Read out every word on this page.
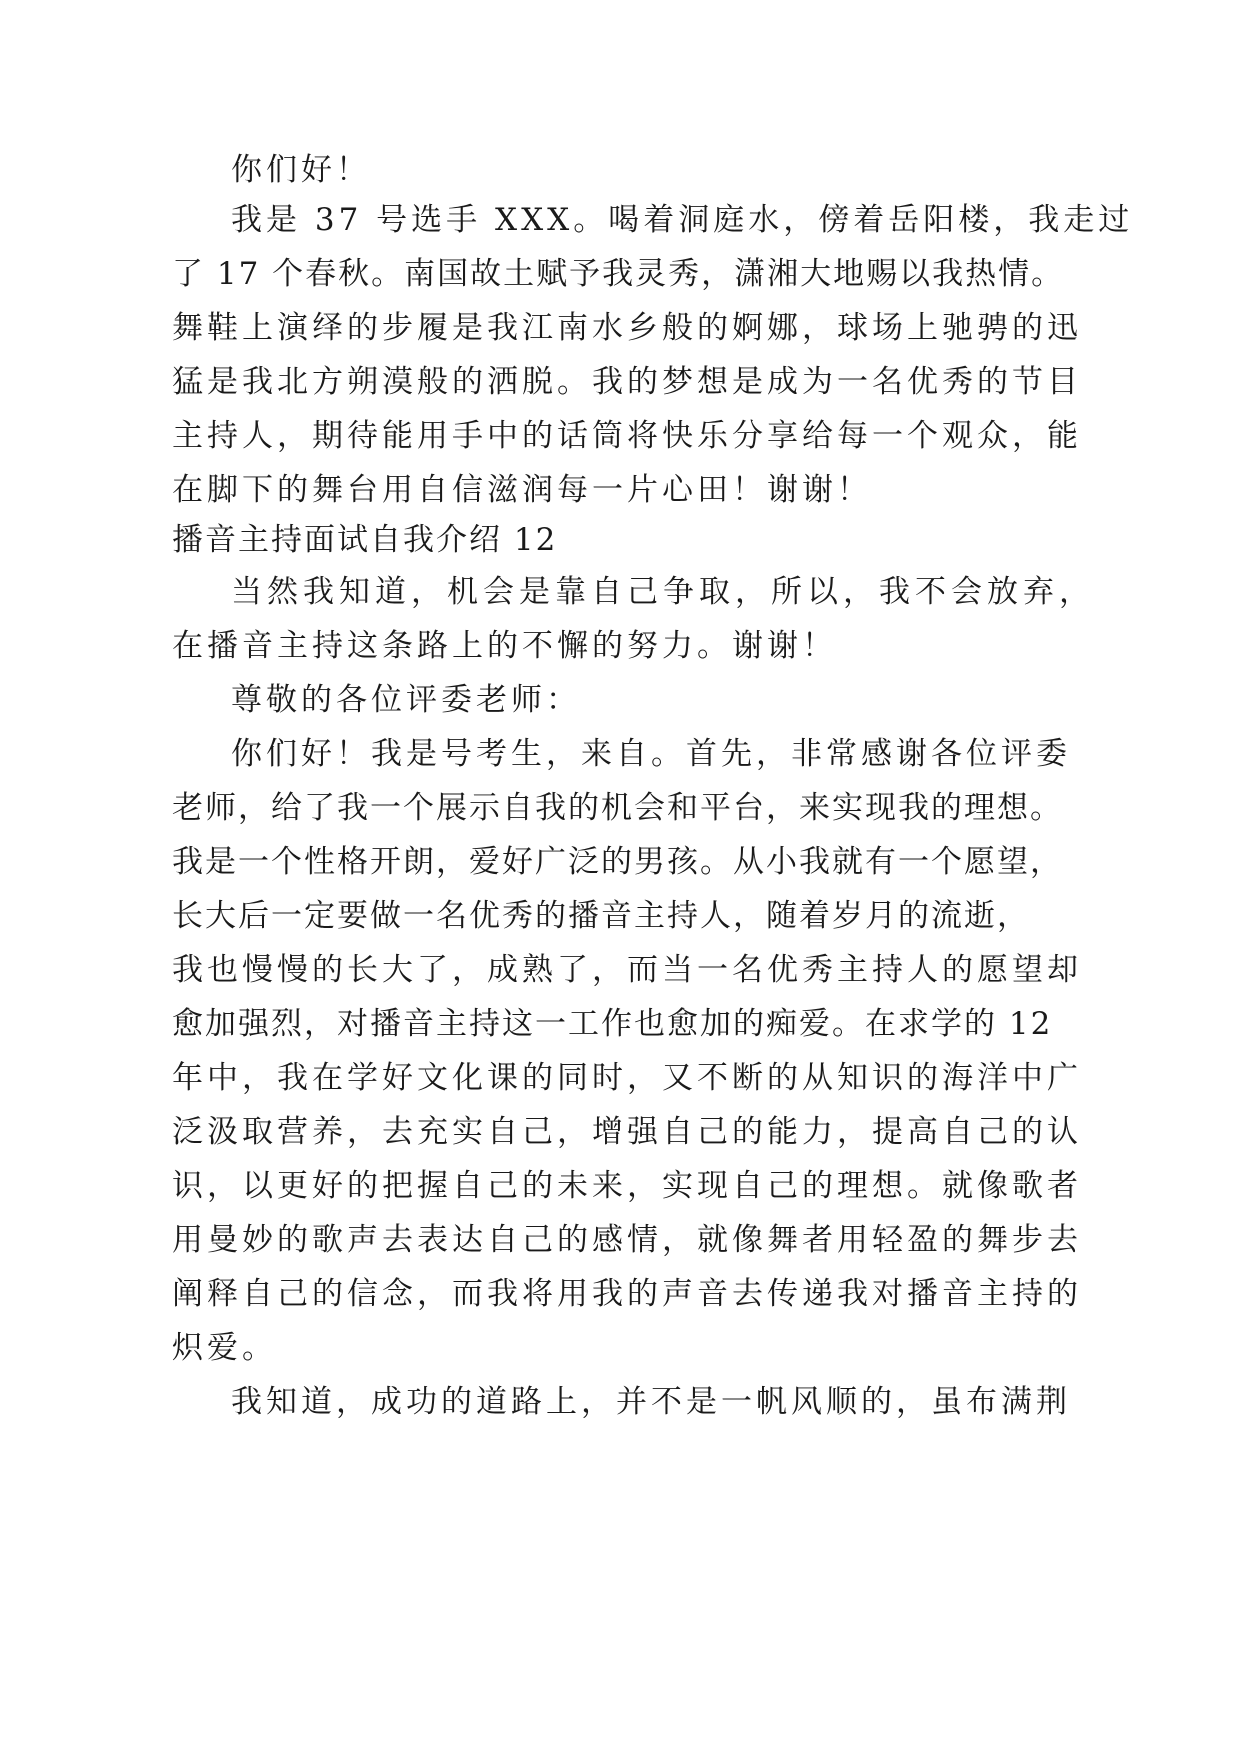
你们好！
我是 37 号选手 XXX。喝着洞庭水，傍着岳阳楼，我走过
了 17 个春秋。南国故土赋予我灵秀，潇湘大地赐以我热情。
舞鞋上演绎的步履是我江南水乡般的婀娜，球场上驰骋的迅
猛是我北方朔漠般的洒脱。我的梦想是成为一名优秀的节目
主持人，期待能用手中的话筒将快乐分享给每一个观众，能
在脚下的舞台用自信滋润每一片心田！谢谢！
播音主持面试自我介绍 12
当然我知道，机会是靠自己争取，所以，我不会放弃，
在播音主持这条路上的不懈的努力。谢谢！
尊敬的各位评委老师：
你们好！我是号考生，来自。首先，非常感谢各位评委
老师，给了我一个展示自我的机会和平台，来实现我的理想。
我是一个性格开朗，爱好广泛的男孩。从小我就有一个愿望，
长大后一定要做一名优秀的播音主持人，随着岁月的流逝，
我也慢慢的长大了，成熟了，而当一名优秀主持人的愿望却
愈加强烈，对播音主持这一工作也愈加的痴爱。在求学的 12
年中，我在学好文化课的同时，又不断的从知识的海洋中广
泛汲取营养，去充实自己，增强自己的能力，提高自己的认
识，以更好的把握自己的未来，实现自己的理想。就像歌者
用曼妙的歌声去表达自己的感情，就像舞者用轻盈的舞步去
阐释自己的信念，而我将用我的声音去传递我对播音主持的
炽爱。
我知道，成功的道路上，并不是一帆风顺的，虽布满荆
